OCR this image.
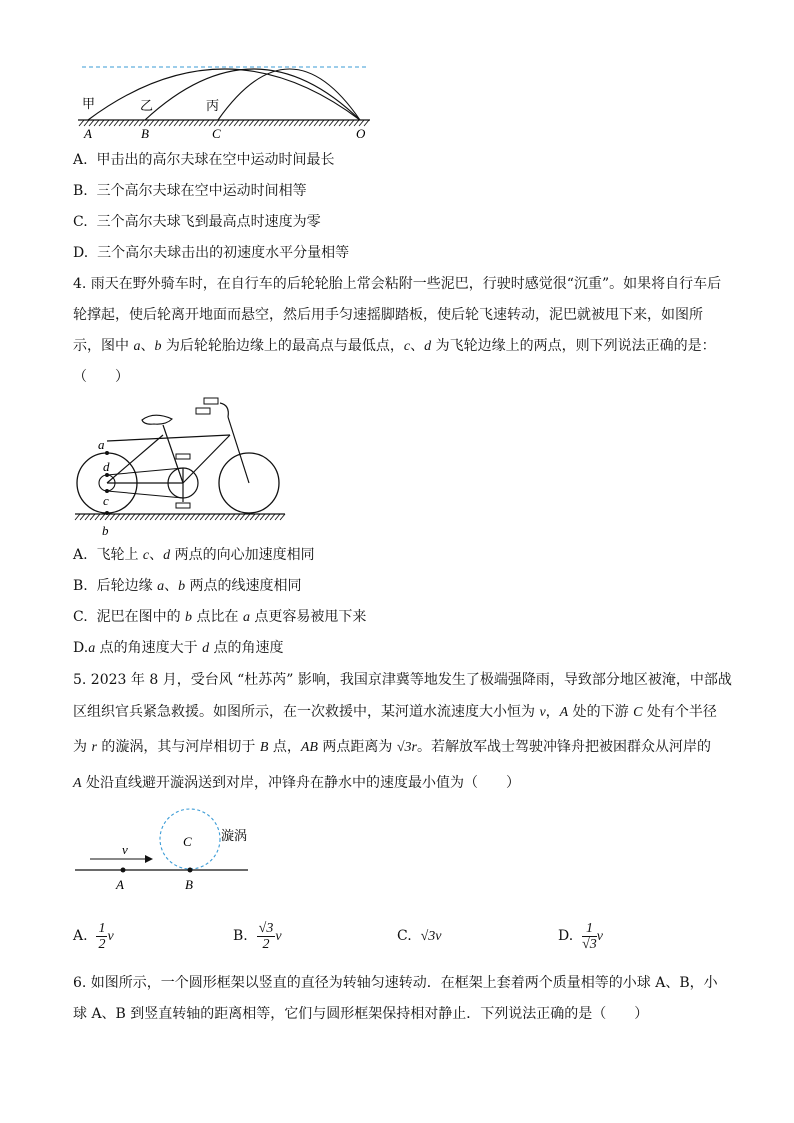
甲	乙	丙
A	B	C	O
A. 甲击出的高尔夫球在空中运动时间最长
B. 三个高尔夫球在空中运动时间相等
C. 三个高尔夫球飞到最高点时速度为零
D. 三个高尔夫球击出的初速度水平分量相等
4. 雨天在野外骑车时，在自行车的后轮轮胎上常会粘附一些泥巴，行驶时感觉很“沉重”。如果将自行车后
轮撑起，使后轮离开地面而悬空，然后用手匀速摇脚踏板，使后轮飞速转动，泥巴就被甩下来，如图所
示，图中 a、b 为后轮轮胎边缘上的最高点与最低点，c、d 为飞轮边缘上的两点，则下列说法正确的是：
（　　）
a
d
c
b
A. 飞轮上 c、d 两点的向心加速度相同
B. 后轮边缘 a、b 两点的线速度相同
C. 泥巴在图中的 b 点比在 a 点更容易被甩下来
D.a 点的角速度大于 d 点的角速度
5. 2023 年 8 月，受台风 “杜苏芮” 影响，我国京津冀等地发生了极端强降雨，导致部分地区被淹，中部战
区组织官兵紧急救援。如图所示，在一次救援中，某河道水流速度大小恒为 v，A 处的下游 C 处有个半径
为 r 的漩涡，其与河岸相切于 B 点，AB 两点距离为 √3r。若解放军战士驾驶冲锋舟把被困群众从河岸的
A 处沿直线避开漩涡送到对岸，冲锋舟在静水中的速度最小值为（　　）
v
C 漩涡
A	B
A. $\frac{1}{2}$ v	B. $\frac{√3}{2}$ v	C. √3v	D. $\frac{1}{√3}$ v
6. 如图所示，一个圆形框架以竖直的直径为转轴匀速转动．在框架上套着两个质量相等的小球 A、B，小
球 A、B 到竖直转轴的距离相等，它们与圆形框架保持相对静止．下列说法正确的是（　　）
